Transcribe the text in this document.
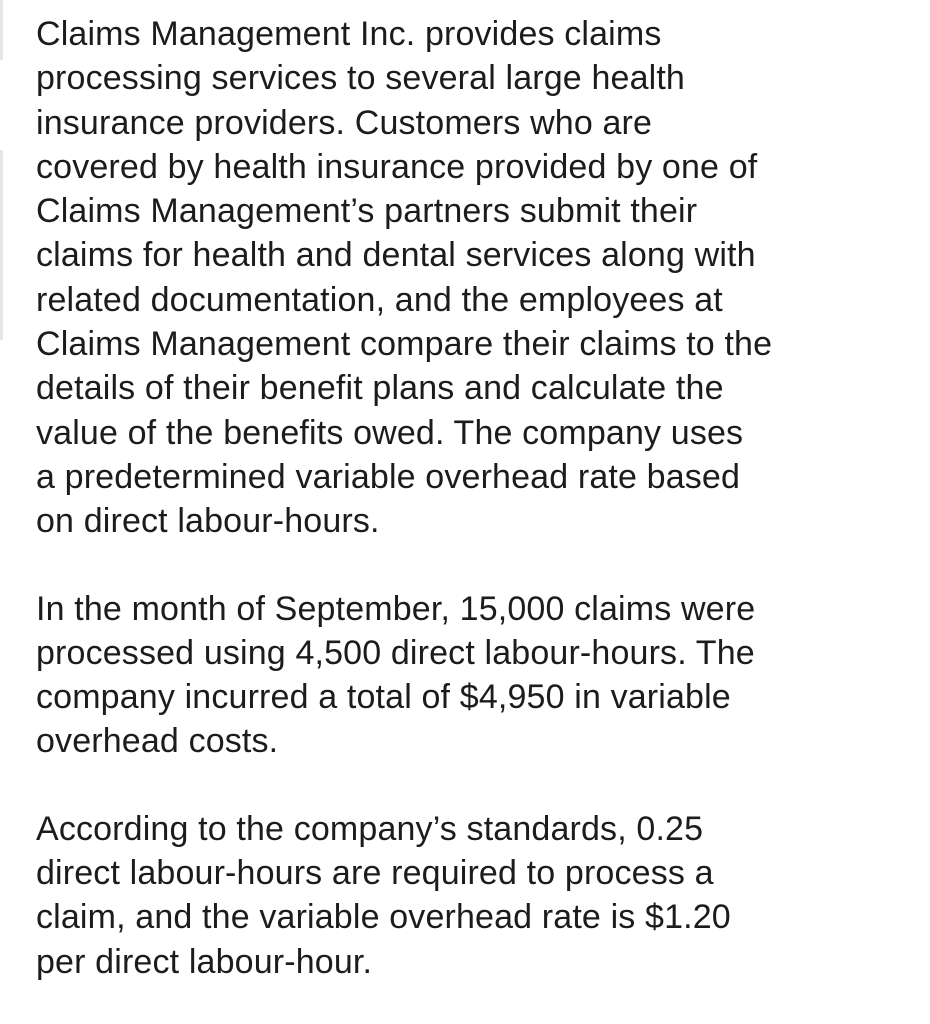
Claims Management Inc. provides claims
processing services to several large health
insurance providers. Customers who are
covered by health insurance provided by one of
Claims Management’s partners submit their
claims for health and dental services along with
related documentation, and the employees at
Claims Management compare their claims to the
details of their benefit plans and calculate the
value of the benefits owed. The company uses
a predetermined variable overhead rate based
on direct labour-hours.

In the month of September, 15,000 claims were
processed using 4,500 direct labour-hours. The
company incurred a total of $4,950 in variable
overhead costs.

According to the company’s standards, 0.25
direct labour-hours are required to process a
claim, and the variable overhead rate is $1.20
per direct labour-hour.
